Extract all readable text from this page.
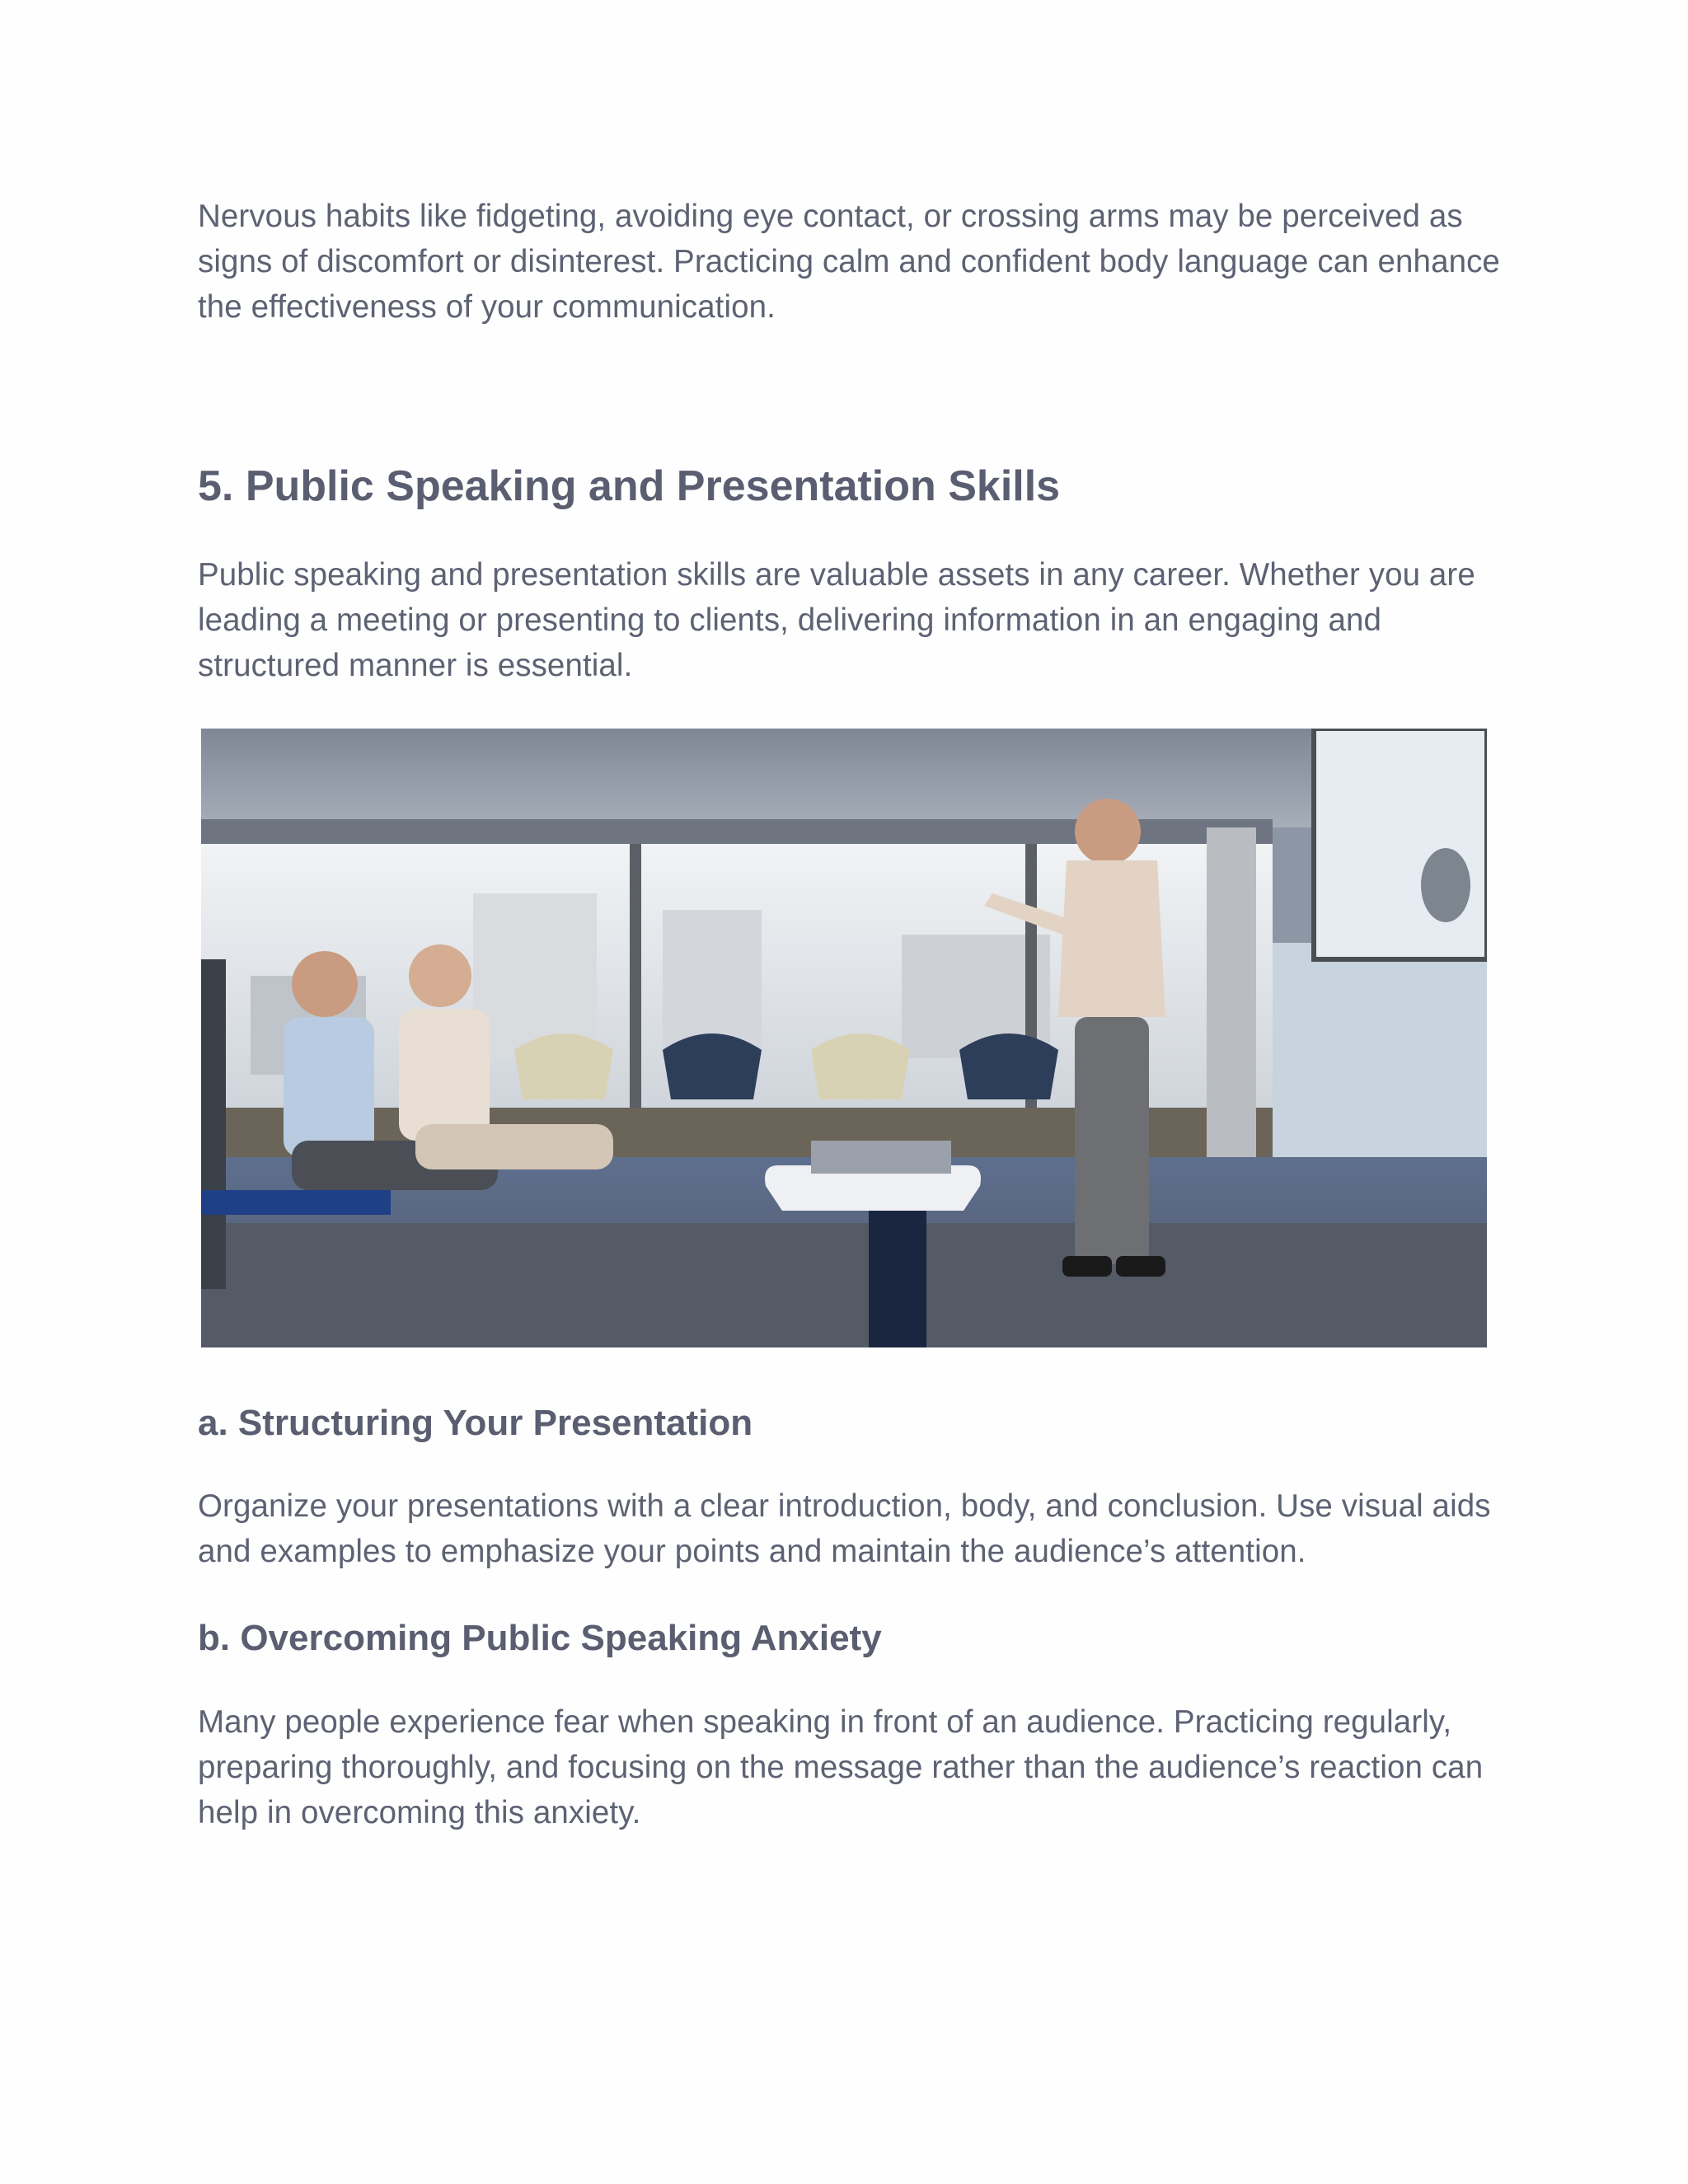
Nervous habits like fidgeting, avoiding eye contact, or crossing arms may be perceived as signs of discomfort or disinterest. Practicing calm and confident body language can enhance the effectiveness of your communication.

5. Public Speaking and Presentation Skills

Public speaking and presentation skills are valuable assets in any career. Whether you are leading a meeting or presenting to clients, delivering information in an engaging and structured manner is essential.

a. Structuring Your Presentation

Organize your presentations with a clear introduction, body, and conclusion. Use visual aids and examples to emphasize your points and maintain the audience’s attention.

b. Overcoming Public Speaking Anxiety

Many people experience fear when speaking in front of an audience. Practicing regularly, preparing thoroughly, and focusing on the message rather than the audience’s reaction can help in overcoming this anxiety.
